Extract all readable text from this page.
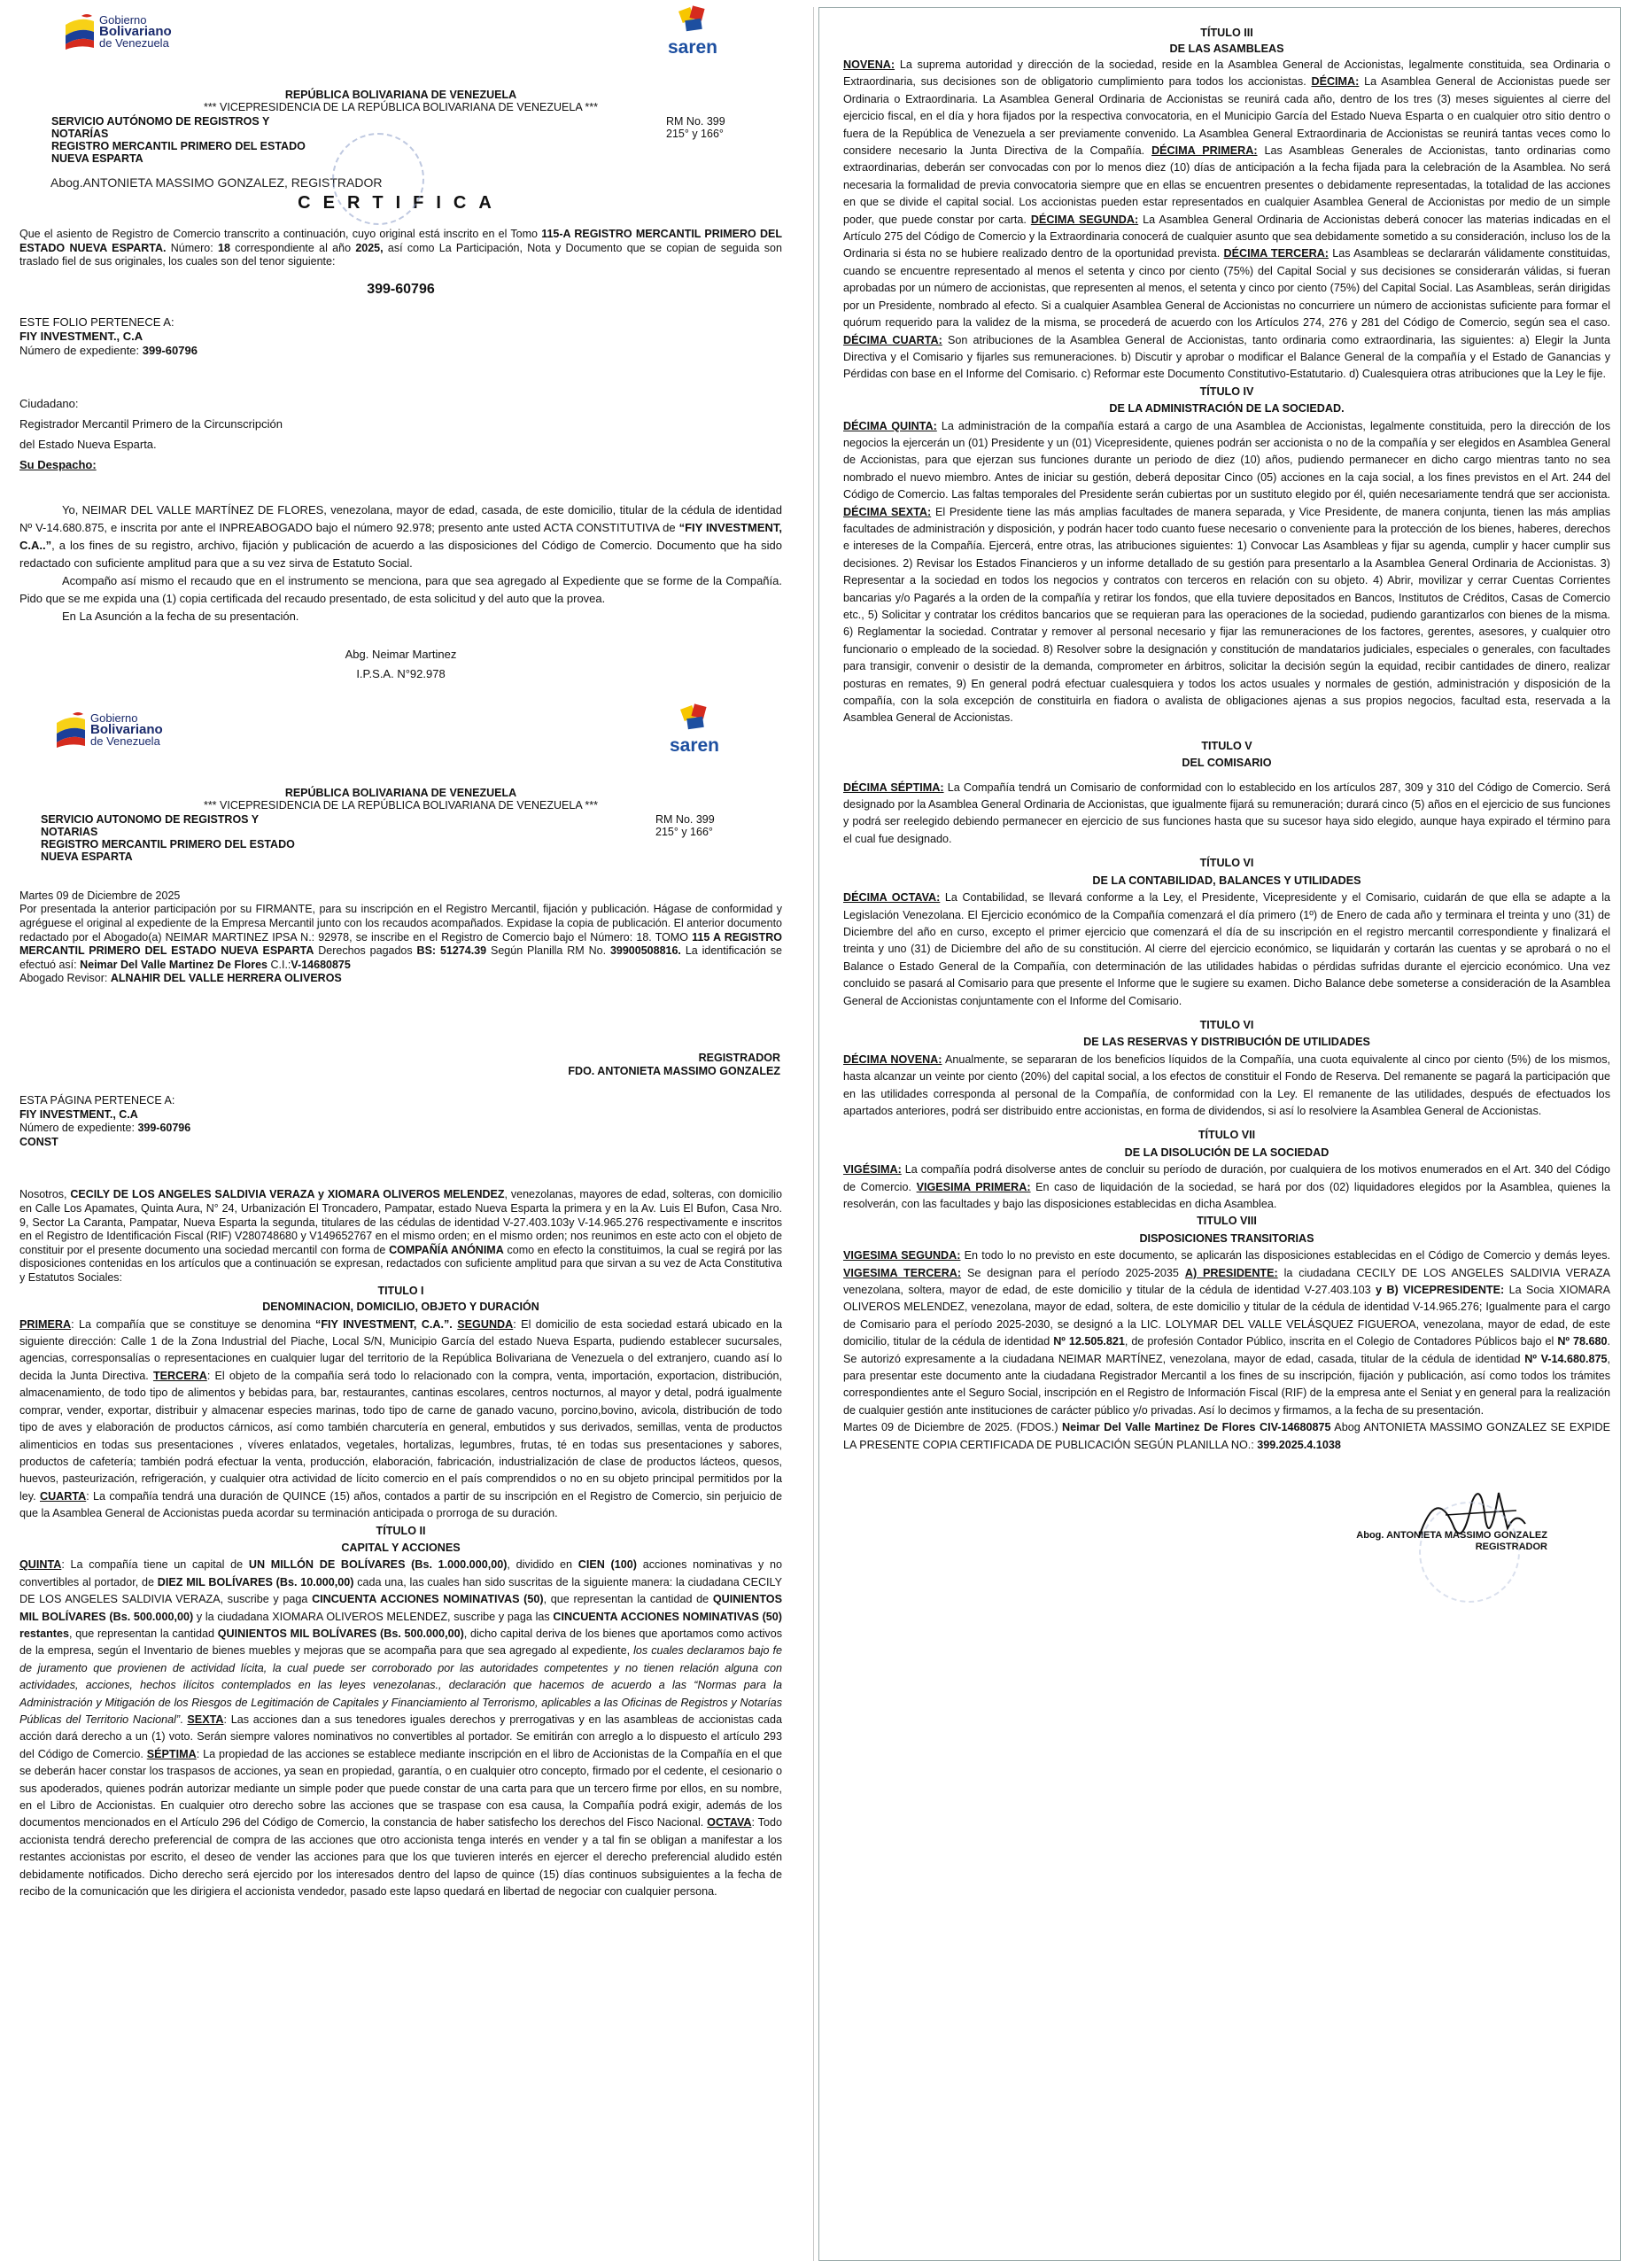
Gobierno
Bolivariano
de Venezuela	saren
REPÚBLICA BOLIVARIANA DE VENEZUELA
*** VICEPRESIDENCIA DE LA REPÚBLICA BOLIVARIANA DE VENEZUELA ***
SERVICIO AUTÓNOMO DE REGISTROS Y NOTARÍAS
REGISTRO MERCANTIL PRIMERO DEL ESTADO NUEVA ESPARTA
RM No. 399
215° y 166°
Abog.ANTONIETA MASSIMO GONZALEZ, REGISTRADOR
CERTIFICA

Que el asiento de Registro de Comercio transcrito a continuación, cuyo original está inscrito en el Tomo 115-A REGISTRO MERCANTIL PRIMERO DEL ESTADO NUEVA ESPARTA. Número: 18 correspondiente al año 2025, así como La Participación, Nota y Documento que se copian de seguida son traslado fiel de sus originales, los cuales son del tenor siguiente:

399-60796
ESTE FOLIO PERTENECE A:
FIY INVESTMENT., C.A
Número de expediente: 399-60796
Ciudadano:
Registrador Mercantil Primero de la Circunscripción
del Estado Nueva Esparta.
Su Despacho:

Yo, NEIMAR DEL VALLE MARTÍNEZ DE FLORES, venezolana, mayor de edad, casada, de este domicilio, titular de la cédula de identidad Nº V-14.680.875, e inscrita por ante el INPREABOGADO bajo el número 92.978; presento ante usted ACTA CONSTITUTIVA de “FIY INVESTMENT, C.A..”, a los fines de su registro, archivo, fijación y publicación de acuerdo a las disposiciones del Código de Comercio. Documento que ha sido redactado con suficiente amplitud para que a su vez sirva de Estatuto Social.

Acompaño así mismo el recaudo que en el instrumento se menciona, para que sea agregado al Expediente que se forme de la Compañía. Pido que se me expida una (1) copia certificada del recaudo presentado, de esta solicitud y del auto que la provea.

En La Asunción a la fecha de su presentación.

Abg. Neimar Martinez
I.P.S.A. N°92.978
Gobierno
Bolivariano
de Venezuela	saren
REPÚBLICA BOLIVARIANA DE VENEZUELA
*** VICEPRESIDENCIA DE LA REPÚBLICA BOLIVARIANA DE VENEZUELA ***
SERVICIO AUTONOMO DE REGISTROS Y NOTARIAS
REGISTRO MERCANTIL PRIMERO DEL ESTADO NUEVA ESPARTA
RM No. 399
215° y 166°

Martes 09 de Diciembre de 2025

Por presentada la anterior participación por su FIRMANTE, para su inscripción en el Registro Mercantil, fijación y publicación. Hágase de conformidad y agréguese el original al expediente de la Empresa Mercantil junto con los recaudos acompañados. Expidase la copia de publicación. El anterior documento redactado por el Abogado(a) NEIMAR MARTINEZ IPSA N.: 92978, se inscribe en el Registro de Comercio bajo el Número: 18. TOMO 115 A REGISTRO MERCANTIL PRIMERO DEL ESTADO NUEVA ESPARTA Derechos pagados BS: 51274.39 Según Planilla RM No. 39900508816. La identificación se efectuó así: Neimar Del Valle Martinez De Flores C.I.:V-14680875

Abogado Revisor: ALNAHIR DEL VALLE HERRERA OLIVEROS

REGISTRADOR
FDO. ANTONIETA MASSIMO GONZALEZ
ESTA PÁGINA PERTENECE A:
FIY INVESTMENT., C.A
Número de expediente: 399-60796
CONST

Nosotros, CECILY DE LOS ANGELES SALDIVIA VERAZA y XIOMARA OLIVEROS MELENDEZ, venezolanas, mayores de edad, solteras, con domicilio en Calle Los Apamates, Quinta Aura, N° 24, Urbanización El Troncadero, Pampatar, estado Nueva Esparta la primera y en la Av. Luis El Bufon, Casa Nro. 9, Sector La Caranta, Pampatar, Nueva Esparta la segunda, titulares de las cédulas de identidad V-27.403.103y V-14.965.276 respectivamente e inscritos en el Registro de Identificación Fiscal (RIF) V280748680 y V149652767 en el mismo orden; en el mismo orden; nos reunimos en este acto con el objeto de constituir por el presente documento una sociedad mercantil con forma de COMPAÑÍA ANÓNIMA como en efecto la constituimos, la cual se regirá por las disposiciones contenidas en los artículos que a continuación se expresan, redactados con suficiente amplitud para que sirvan a su vez de Acta Constitutiva y Estatutos Sociales:

TITULO I
DENOMINACION, DOMICILIO, OBJETO Y DURACIÓN

PRIMERA: La compañía que se constituye se denomina “FIY INVESTMENT, C.A.”. SEGUNDA: El domicilio de esta sociedad estará ubicado en la siguiente dirección: Calle 1 de la Zona Industrial del Piache, Local S/N, Municipio García del estado Nueva Esparta, pudiendo establecer sucursales, agencias, corresponsalías o representaciones en cualquier lugar del territorio de la República Bolivariana de Venezuela o del extranjero, cuando así lo decida la Junta Directiva. TERCERA: El objeto de la compañía será todo lo relacionado con la compra, venta, importación, exportacion, distribución, almacenamiento, de todo tipo de alimentos y bebidas para, bar, restaurantes, cantinas escolares, centros nocturnos, al mayor y detal, podrá igualmente comprar, vender, exportar, distribuir y almacenar especies marinas, todo tipo de carne de ganado vacuno, porcino,bovino, avicola, distribución de todo tipo de aves y elaboración de productos cárnicos, así como también charcutería en general, embutidos y sus derivados, semillas, venta de productos alimenticios en todas sus presentaciones , víveres enlatados, vegetales, hortalizas, legumbres, frutas, té en todas sus presentaciones y sabores, productos de cafetería; también podrá efectuar la venta, producción, elaboración, fabricación, industrialización de clase de productos lácteos, quesos, huevos, pasteurización, refrigeración, y cualquier otra actividad de lícito comercio en el país comprendidos o no en su objeto principal permitidos por la ley. CUARTA: La compañía tendrá una duración de QUINCE (15) años, contados a partir de su inscripción en el Registro de Comercio, sin perjuicio de que la Asamblea General de Accionistas pueda acordar su terminación anticipada o prorroga de su duración.

TÍTULO II
CAPITAL Y ACCIONES

QUINTA: La compañía tiene un capital de UN MILLÓN DE BOLÍVARES (Bs. 1.000.000,00), dividido en CIEN (100) acciones nominativas y no convertibles al portador, de DIEZ MIL BOLÍVARES (Bs. 10.000,00) cada una, las cuales han sido suscritas de la siguiente manera: la ciudadana CECILY DE LOS ANGELES SALDIVIA VERAZA, suscribe y paga CINCUENTA ACCIONES NOMINATIVAS (50), que representan la cantidad de QUINIENTOS MIL BOLÍVARES (Bs. 500.000,00) y la ciudadana XIOMARA OLIVEROS MELENDEZ, suscribe y paga las CINCUENTA ACCIONES NOMINATIVAS (50) restantes, que representan la cantidad QUINIENTOS MIL BOLÍVARES (Bs. 500.000,00), dicho capital deriva de los bienes que aportamos como activos de la empresa, según el Inventario de bienes muebles y mejoras que se acompaña para que sea agregado al expediente, los cuales declaramos bajo fe de juramento que provienen de actividad lícita, la cual puede ser corroborado por las autoridades competentes y no tienen relación alguna con actividades, acciones, hechos ilícitos contemplados en las leyes venezolanas., declaración que hacemos de acuerdo a las “Normas para la Administración y Mitigación de los Riesgos de Legitimación de Capitales y Financiamiento al Terrorismo, aplicables a las Oficinas de Registros y Notarías Públicas del Territorio Nacional”. SEXTA: Las acciones dan a sus tenedores iguales derechos y prerrogativas y en las asambleas de accionistas cada acción dará derecho a un (1) voto. Serán siempre valores nominativos no convertibles al portador. Se emitirán con arreglo a lo dispuesto el artículo 293 del Código de Comercio. SÉPTIMA: La propiedad de las acciones se establece mediante inscripción en el libro de Accionistas de la Compañía en el que se deberán hacer constar los traspasos de acciones, ya sean en propiedad, garantía, o en cualquier otro concepto, firmado por el cedente, el cesionario o sus apoderados, quienes podrán autorizar mediante un simple poder que puede constar de una carta para que un tercero firme por ellos, en su nombre, en el Libro de Accionistas. En cualquier otro derecho sobre las acciones que se traspase con esa causa, la Compañía podrá exigir, además de los documentos mencionados en el Artículo 296 del Código de Comercio, la constancia de haber satisfecho los derechos del Fisco Nacional. OCTAVA: Todo accionista tendrá derecho preferencial de compra de las acciones que otro accionista tenga interés en vender y a tal fin se obligan a manifestar a los restantes accionistas por escrito, el deseo de vender las acciones para que los que tuvieren interés en ejercer el derecho preferencial aludido estén debidamente notificados. Dicho derecho será ejercido por los interesados dentro del lapso de quince (15) días continuos subsiguientes a la fecha de recibo de la comunicación que les dirigiera el accionista vendedor, pasado este lapso quedará en libertad de negociar con cualquier persona.

TÍTULO III
DE LAS ASAMBLEAS

NOVENA: La suprema autoridad y dirección de la sociedad, reside en la Asamblea General de Accionistas, legalmente constituida, sea Ordinaria o Extraordinaria, sus decisiones son de obligatorio cumplimiento para todos los accionistas. DÉCIMA: La Asamblea General de Accionistas puede ser Ordinaria o Extraordinaria. La Asamblea General Ordinaria de Accionistas se reunirá cada año, dentro de los tres (3) meses siguientes al cierre del ejercicio fiscal, en el día y hora fijados por la respectiva convocatoria, en el Municipio García del Estado Nueva Esparta o en cualquier otro sitio dentro o fuera de la República de Venezuela a ser previamente convenido. La Asamblea General Extraordinaria de Accionistas se reunirá tantas veces como lo considere necesario la Junta Directiva de la Compañía. DÉCIMA PRIMERA: Las Asambleas Generales de Accionistas, tanto ordinarias como extraordinarias, deberán ser convocadas con por lo menos diez (10) días de anticipación a la fecha fijada para la celebración de la Asamblea. No será necesaria la formalidad de previa convocatoria siempre que en ellas se encuentren presentes o debidamente representadas, la totalidad de las acciones en que se divide el capital social. Los accionistas pueden estar representados en cualquier Asamblea General de Accionistas por medio de un simple poder, que puede constar por carta. DÉCIMA SEGUNDA: La Asamblea General Ordinaria de Accionistas deberá conocer las materias indicadas en el Artículo 275 del Código de Comercio y la Extraordinaria conocerá de cualquier asunto que sea debidamente sometido a su consideración, incluso los de la Ordinaria si ésta no se hubiere realizado dentro de la oportunidad prevista. DÉCIMA TERCERA: Las Asambleas se declararán válidamente constituidas, cuando se encuentre representado al menos el setenta y cinco por ciento (75%) del Capital Social y sus decisiones se considerarán válidas, si fueran aprobadas por un número de accionistas, que representen al menos, el setenta y cinco por ciento (75%) del Capital Social. Las Asambleas, serán dirigidas por un Presidente, nombrado al efecto. Si a cualquier Asamblea General de Accionistas no concurriere un número de accionistas suficiente para formar el quórum requerido para la validez de la misma, se procederá de acuerdo con los Artículos 274, 276 y 281 del Código de Comercio, según sea el caso. DÉCIMA CUARTA: Son atribuciones de la Asamblea General de Accionistas, tanto ordinaria como extraordinaria, las siguientes: a) Elegir la Junta Directiva y el Comisario y fijarles sus remuneraciones. b) Discutir y aprobar o modificar el Balance General de la compañía y el Estado de Ganancias y Pérdidas con base en el Informe del Comisario. c) Reformar este Documento Constitutivo-Estatutario. d) Cualesquiera otras atribuciones que la Ley le fije.

TÍTULO IV
DE LA ADMINISTRACIÓN DE LA SOCIEDAD.

DÉCIMA QUINTA: La administración de la compañía estará a cargo de una Asamblea de Accionistas, legalmente constituida, pero la dirección de los negocios la ejercerán un (01) Presidente y un (01) Vicepresidente, quienes podrán ser accionista o no de la compañía y ser elegidos en Asamblea General de Accionistas, para que ejerzan sus funciones durante un periodo de diez (10) años, pudiendo permanecer en dicho cargo mientras tanto no sea nombrado el nuevo miembro. Antes de iniciar su gestión, deberá depositar Cinco (05) acciones en la caja social, a los fines previstos en el Art. 244 del Código de Comercio. Las faltas temporales del Presidente serán cubiertas por un sustituto elegido por él, quién necesariamente tendrá que ser accionista. DÉCIMA SEXTA: El Presidente tiene las más amplias facultades de manera separada, y Vice Presidente, de manera conjunta, tienen las más amplias facultades de administración y disposición, y podrán hacer todo cuanto fuese necesario o conveniente para la protección de los bienes, haberes, derechos e intereses de la Compañía. Ejercerá, entre otras, las atribuciones siguientes: 1) Convocar Las Asambleas y fijar su agenda, cumplir y hacer cumplir sus decisiones. 2) Revisar los Estados Financieros y un informe detallado de su gestión para presentarlo a la Asamblea General Ordinaria de Accionistas. 3) Representar a la sociedad en todos los negocios y contratos con terceros en relación con su objeto. 4) Abrir, movilizar y cerrar Cuentas Corrientes bancarias y/o Pagarés a la orden de la compañía y retirar los fondos, que ella tuviere depositados en Bancos, Institutos de Créditos, Casas de Comercio etc., 5) Solicitar y contratar los créditos bancarios que se requieran para las operaciones de la sociedad, pudiendo garantizarlos con bienes de la misma. 6) Reglamentar la sociedad. Contratar y remover al personal necesario y fijar las remuneraciones de los factores, gerentes, asesores, y cualquier otro funcionario o empleado de la sociedad. 8) Resolver sobre la designación y constitución de mandatarios judiciales, especiales o generales, con facultades para transigir, convenir o desistir de la demanda, comprometer en árbitros, solicitar la decisión según la equidad, recibir cantidades de dinero, realizar posturas en remates, 9) En general podrá efectuar cualesquiera y todos los actos usuales y normales de gestión, administración y disposición de la compañía, con la sola excepción de constituirla en fiadora o avalista de obligaciones ajenas a sus propios negocios, facultad esta, reservada a la Asamblea General de Accionistas.

TITULO V
DEL COMISARIO

DÉCIMA SÉPTIMA: La Compañía tendrá un Comisario de conformidad con lo establecido en los artículos 287, 309 y 310 del Código de Comercio. Será designado por la Asamblea General Ordinaria de Accionistas, que igualmente fijará su remuneración; durará cinco (5) años en el ejercicio de sus funciones y podrá ser reelegido debiendo permanecer en ejercicio de sus funciones hasta que su sucesor haya sido elegido, aunque haya expirado el término para el cual fue designado.

TÍTULO VI
DE LA CONTABILIDAD, BALANCES Y UTILIDADES

DÉCIMA OCTAVA: La Contabilidad, se llevará conforme a la Ley, el Presidente, Vicepresidente y el Comisario, cuidarán de que ella se adapte a la Legislación Venezolana. El Ejercicio económico de la Compañía comenzará el día primero (1º) de Enero de cada año y terminara el treinta y uno (31) de Diciembre del año en curso, excepto el primer ejercicio que comenzará el día de su inscripción en el registro mercantil correspondiente y finalizará el treinta y uno (31) de Diciembre del año de su constitución. Al cierre del ejercicio económico, se liquidarán y cortarán las cuentas y se aprobará o no el Balance o Estado General de la Compañía, con determinación de las utilidades habidas o pérdidas sufridas durante el ejercicio económico. Una vez concluido se pasará al Comisario para que presente el Informe que le sugiere su examen. Dicho Balance debe someterse a consideración de la Asamblea General de Accionistas conjuntamente con el Informe del Comisario.

TITULO VI
DE LAS RESERVAS Y DISTRIBUCIÓN DE UTILIDADES

DÉCIMA NOVENA: Anualmente, se separaran de los beneficios líquidos de la Compañía, una cuota equivalente al cinco por ciento (5%) de los mismos, hasta alcanzar un veinte por ciento (20%) del capital social, a los efectos de constituir el Fondo de Reserva. Del remanente se pagará la participación que en las utilidades corresponda al personal de la Compañía, de conformidad con la Ley. El remanente de las utilidades, después de efectuados los apartados anteriores, podrá ser distribuido entre accionistas, en forma de dividendos, si así lo resolviere la Asamblea General de Accionistas.

TÍTULO VII
DE LA DISOLUCIÓN DE LA SOCIEDAD

VIGÉSIMA: La compañía podrá disolverse antes de concluir su período de duración, por cualquiera de los motivos enumerados en el Art. 340 del Código de Comercio. VIGESIMA PRIMERA: En caso de liquidación de la sociedad, se hará por dos (02) liquidadores elegidos por la Asamblea, quienes la resolverán, con las facultades y bajo las disposiciones establecidas en dicha Asamblea.

TITULO VIII
DISPOSICIONES TRANSITORIAS

VIGESIMA SEGUNDA: En todo lo no previsto en este documento, se aplicarán las disposiciones establecidas en el Código de Comercio y demás leyes. VIGESIMA TERCERA: Se designan para el período 2025-2035 A) PRESIDENTE: la ciudadana CECILY DE LOS ANGELES SALDIVIA VERAZA venezolana, soltera, mayor de edad, de este domicilio y titular de la cédula de identidad V-27.403.103 y B) VICEPRESIDENTE: La Socia XIOMARA OLIVEROS MELENDEZ, venezolana, mayor de edad, soltera, de este domicilio y titular de la cédula de identidad V-14.965.276; Igualmente para el cargo de Comisario para el período 2025-2030, se designó a la LIC. LOLYMAR DEL VALLE VELÁSQUEZ FIGUEROA, venezolana, mayor de edad, de este domicilio, titular de la cédula de identidad Nº 12.505.821, de profesión Contador Público, inscrita en el Colegio de Contadores Públicos bajo el Nº 78.680. Se autorizó expresamente a la ciudadana NEIMAR MARTÍNEZ, venezolana, mayor de edad, casada, titular de la cédula de identidad Nº V-14.680.875, para presentar este documento ante la ciudadana Registrador Mercantil a los fines de su inscripción, fijación y publicación, así como todos los trámites correspondientes ante el Seguro Social, inscripción en el Registro de Información Fiscal (RIF) de la empresa ante el Seniat y en general para la realización de cualquier gestión ante instituciones de carácter público y/o privadas. Así lo decimos y firmamos, a la fecha de su presentación.

Martes 09 de Diciembre de 2025. (FDOS.) Neimar Del Valle Martinez De Flores CIV-14680875 Abog ANTONIETA MASSIMO GONZALEZ SE EXPIDE LA PRESENTE COPIA CERTIFICADA DE PUBLICACIÓN SEGÚN PLANILLA NO.: 399.2025.4.1038

Abog. ANTONIETA MASSIMO GONZALEZ
REGISTRADOR
